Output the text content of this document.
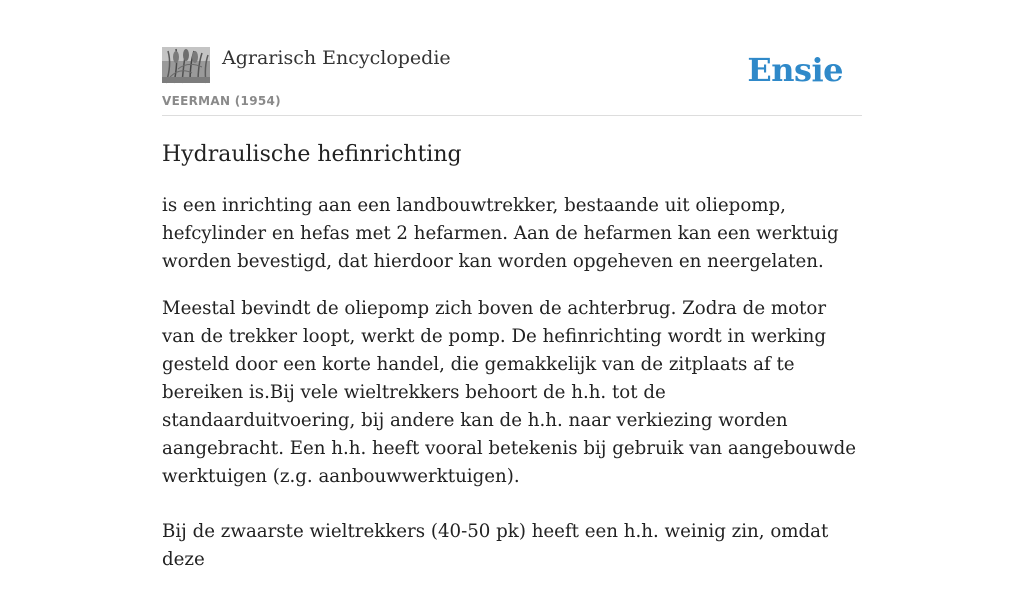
Agrarisch Encyclopedie
VEERMAN (1954)
Ensie
Hydraulische hefinrichting

is een inrichting aan een landbouwtrekker, bestaande uit oliepomp, hefcylinder en hefas met 2 hefarmen. Aan de hefarmen kan een werktuig worden bevestigd, dat hierdoor kan worden opgeheven en neergelaten.

Meestal bevindt de oliepomp zich boven de achterbrug. Zodra de motor van de trekker loopt, werkt de pomp. De hefinrichting wordt in werking gesteld door een korte handel, die gemakkelijk van de zitplaats af te bereiken is.Bij vele wieltrekkers behoort de h.h. tot de standaarduitvoering, bij andere kan de h.h. naar verkiezing worden aangebracht. Een h.h. heeft vooral betekenis bij gebruik van aangebouwde werktuigen (z.g. aanbouwwerktuigen).

Bij de zwaarste wieltrekkers (40-50 pk) heeft een h.h. weinig zin, omdat deze
